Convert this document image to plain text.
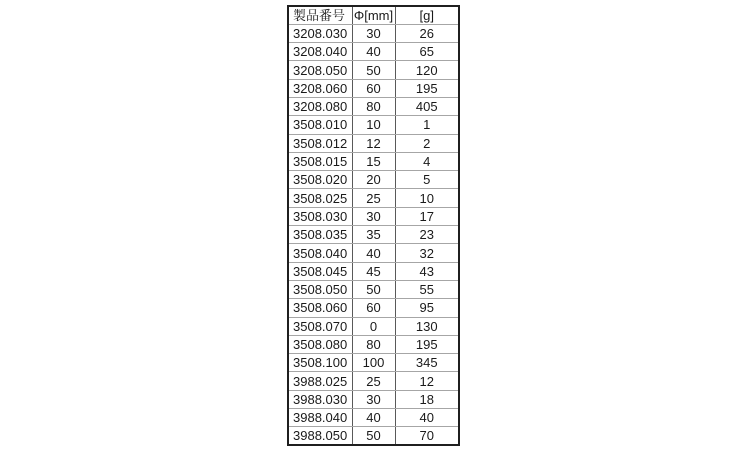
製品番号	Φ[mm]	[g]
3208.030	30	26
3208.040	40	65
3208.050	50	120
3208.060	60	195
3208.080	80	405
3508.010	10	1
3508.012	12	2
3508.015	15	4
3508.020	20	5
3508.025	25	10
3508.030	30	17
3508.035	35	23
3508.040	40	32
3508.045	45	43
3508.050	50	55
3508.060	60	95
3508.070	0	130
3508.080	80	195
3508.100	100	345
3988.025	25	12
3988.030	30	18
3988.040	40	40
3988.050	50	70
